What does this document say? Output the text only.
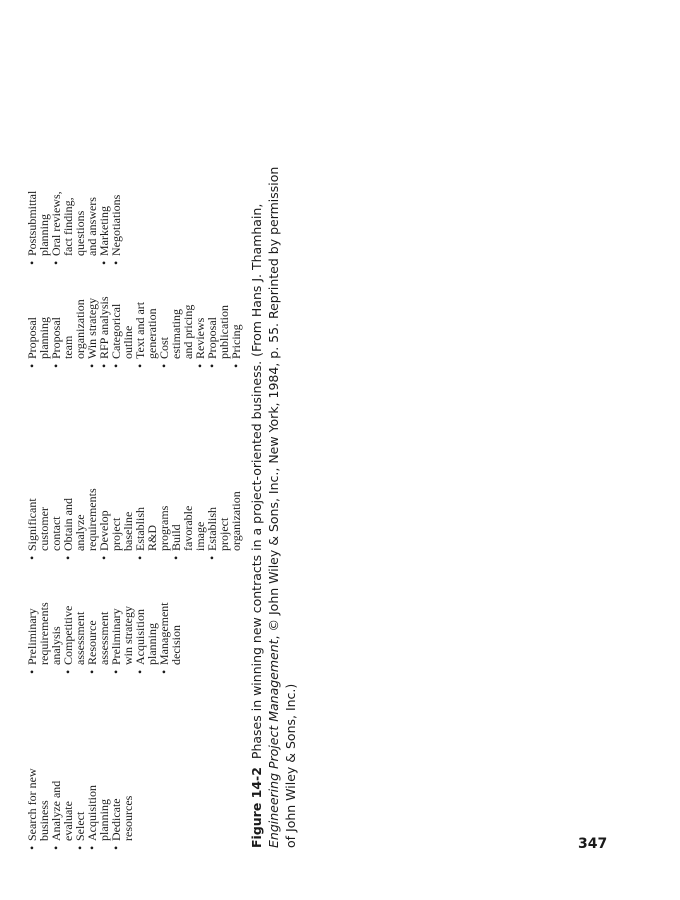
• Search for new
business
• Analyze and
evaluate
• Select
• Acquisition
planning
• Dedicate
resources
• Preliminary
requirements
analysis
• Competitive
assessment
• Resource
assessment
• Preliminary
win strategy
• Acquisition
planning
• Management
decision
• Significant
customer
contact
• Obtain and
analyze
requirements
• Develop
project
baseline
• Establish
R&D
programs
• Build
favorable
image
• Establish
project
organization
• Proposal
planning
• Proposal
team
organization
• Win strategy
• RFP analysis
• Categorical
outline
• Text and art
generation
• Cost
estimating
and pricing
• Reviews
• Proposal
publication
• Pricing
• Postsubmittal
planning
• Oral reviews,
fact finding,
questions
and answers
• Marketing
• Negotiations

Figure 14-2  Phases in winning new contracts in a project-oriented business. (From Hans J. Thamhain, Engineering Project Management, © John Wiley & Sons, Inc., New York, 1984, p. 55. Reprinted by permission of John Wiley & Sons, Inc.)	347
